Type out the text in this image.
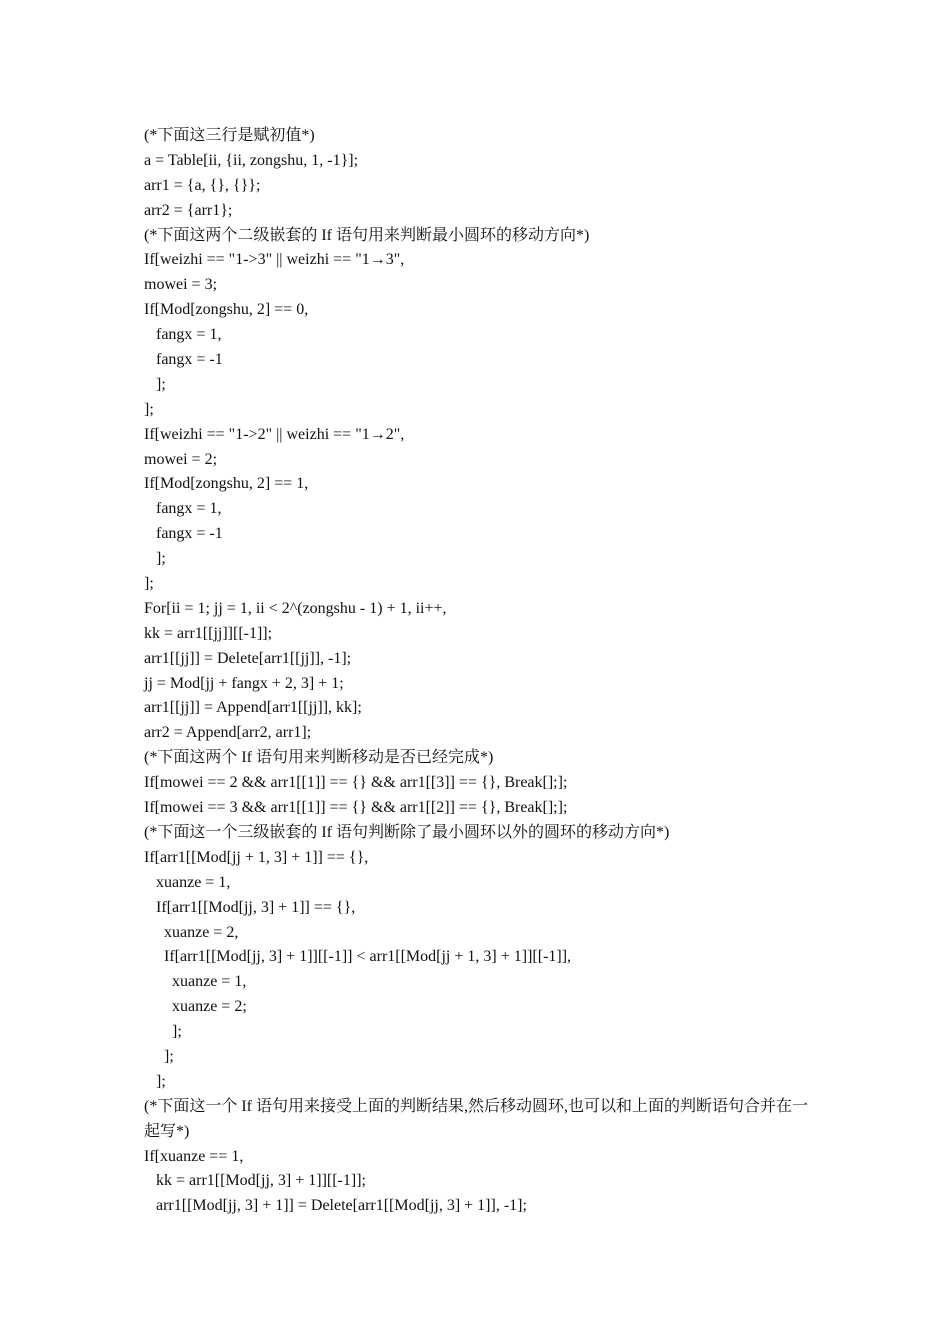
(*下面这三行是赋初值*)
a = Table[ii, {ii, zongshu, 1, -1}];
arr1 = {a, {}, {}};
arr2 = {arr1};
(*下面这两个二级嵌套的 If 语句用来判断最小圆环的移动方向*)
If[weizhi == "1->3" || weizhi == "1→3",
mowei = 3;
If[Mod[zongshu, 2] == 0,
fangx = 1,
fangx = -1
];
];
If[weizhi == "1->2" || weizhi == "1→2",
mowei = 2;
If[Mod[zongshu, 2] == 1,
fangx = 1,
fangx = -1
];
];
For[ii = 1; jj = 1, ii < 2^(zongshu - 1) + 1, ii++,
kk = arr1[[jj]][[-1]];
arr1[[jj]] = Delete[arr1[[jj]], -1];
jj = Mod[jj + fangx + 2, 3] + 1;
arr1[[jj]] = Append[arr1[[jj]], kk];
arr2 = Append[arr2, arr1];
(*下面这两个 If 语句用来判断移动是否已经完成*)
If[mowei == 2 && arr1[[1]] == {} && arr1[[3]] == {}, Break[];];
If[mowei == 3 && arr1[[1]] == {} && arr1[[2]] == {}, Break[];];
(*下面这一个三级嵌套的 If 语句判断除了最小圆环以外的圆环的移动方向*)
If[arr1[[Mod[jj + 1, 3] + 1]] == {},
xuanze = 1,
If[arr1[[Mod[jj, 3] + 1]] == {},
xuanze = 2,
If[arr1[[Mod[jj, 3] + 1]][[-1]] < arr1[[Mod[jj + 1, 3] + 1]][[-1]],
xuanze = 1,
xuanze = 2;
];
];
];
(*下面这一个 If 语句用来接受上面的判断结果,然后移动圆环,也可以和上面的判断语句合并在一起写*)
If[xuanze == 1,
kk = arr1[[Mod[jj, 3] + 1]][[-1]];
arr1[[Mod[jj, 3] + 1]] = Delete[arr1[[Mod[jj, 3] + 1]], -1];
